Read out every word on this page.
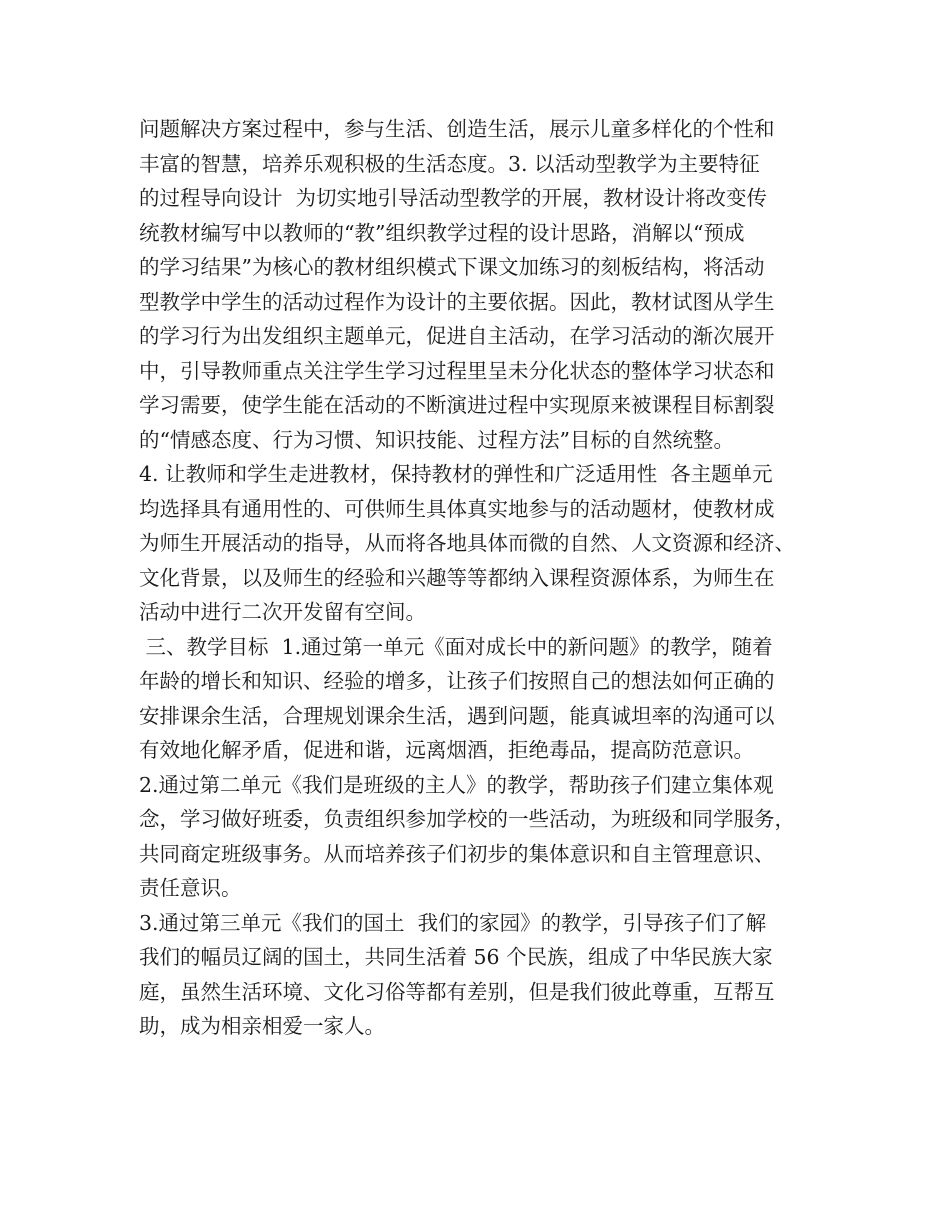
问题解决方案过程中，参与生活、创造生活，展示儿童多样化的个性和
丰富的智慧，培养乐观积极的生活态度。3. 以活动型教学为主要特征
的过程导向设计  为切实地引导活动型教学的开展，教材设计将改变传
统教材编写中以教师的“教”组织教学过程的设计思路，消解以“预成
的学习结果”为核心的教材组织模式下课文加练习的刻板结构，将活动
型教学中学生的活动过程作为设计的主要依据。因此，教材试图从学生
的学习行为出发组织主题单元，促进自主活动，在学习活动的渐次展开
中，引导教师重点关注学生学习过程里呈未分化状态的整体学习状态和
学习需要，使学生能在活动的不断演进过程中实现原来被课程目标割裂
的“情感态度、行为习惯、知识技能、过程方法”目标的自然统整。
4. 让教师和学生走进教材，保持教材的弹性和广泛适用性  各主题单元
均选择具有通用性的、可供师生具体真实地参与的活动题材，使教材成
为师生开展活动的指导，从而将各地具体而微的自然、人文资源和经济、
文化背景，以及师生的经验和兴趣等等都纳入课程资源体系，为师生在
活动中进行二次开发留有空间。
三、教学目标  1.通过第一单元《面对成长中的新问题》的教学，随着
年龄的增长和知识、经验的增多，让孩子们按照自己的想法如何正确的
安排课余生活，合理规划课余生活，遇到问题，能真诚坦率的沟通可以
有效地化解矛盾，促进和谐，远离烟酒，拒绝毒品，提高防范意识。
2.通过第二单元《我们是班级的主人》的教学，帮助孩子们建立集体观
念，学习做好班委，负责组织参加学校的一些活动，为班级和同学服务，
共同商定班级事务。从而培养孩子们初步的集体意识和自主管理意识、
责任意识。
3.通过第三单元《我们的国土  我们的家园》的教学，引导孩子们了解
我们的幅员辽阔的国土，共同生活着 56 个民族，组成了中华民族大家
庭，虽然生活环境、文化习俗等都有差别，但是我们彼此尊重，互帮互
助，成为相亲相爱一家人。
